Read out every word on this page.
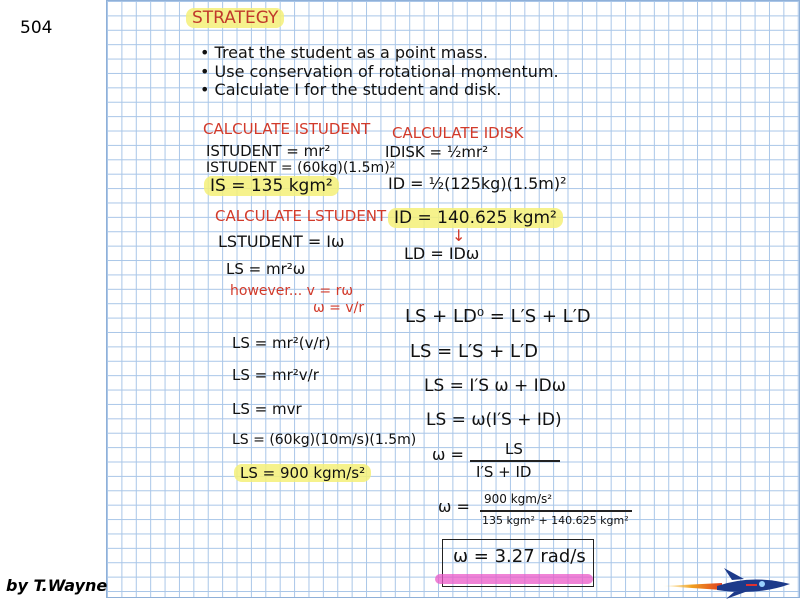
504	STRATEGY
• Treat the student as a point mass.
• Use conservation of rotational momentum.
• Calculate I for the student and disk.
CALCULATE ISTUDENT
ISTUDENT = mr²
ISTUDENT = (60kg)(1.5m)²
IS = 135 kgm²
CALCULATE IDISK
IDISK = ½mr²
ID = ½(125kg)(1.5m)²
ID = 140.625 kgm²
↓
LD = IDω
CALCULATE LSTUDENT
LSTUDENT = Iω
LS = mr²ω
however... v = rω
ω = v/r
LS = mr²(v/r)
LS = mr²v/r
LS = mvr
LS = (60kg)(10m/s)(1.5m)
LS = 900 kgm/s²
LS + LD⁰ = L′S + L′D
LS = L′S + L′D
LS = I′S ω + IDω
LS = ω(I′S + ID)
ω =	LS
I′S + ID
ω = 900 kgm/s²
135 kgm² + 140.625 kgm²
ω = 3.27 rad/s
by T.Wayne
